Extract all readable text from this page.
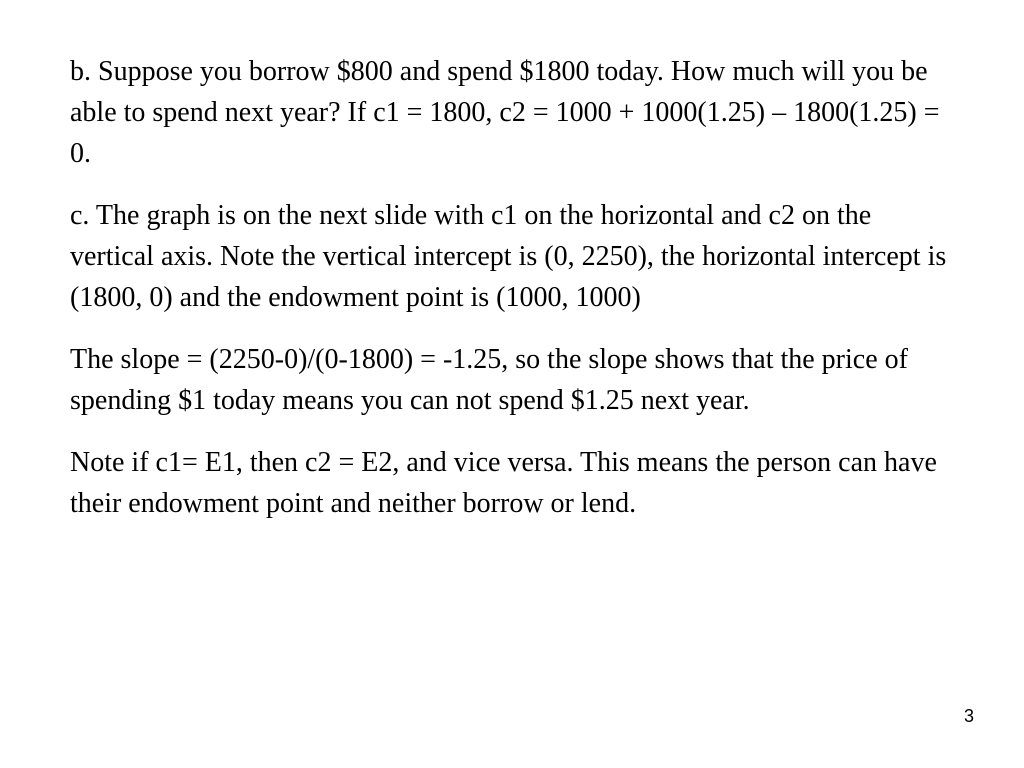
b. Suppose you borrow $800 and spend $1800 today. How much will you be able to spend next year? If c1 = 1800, c2 = 1000 + 1000(1.25) – 1800(1.25) = 0.

c. The graph is on the next slide with c1 on the horizontal and c2 on the vertical axis. Note the vertical intercept is (0, 2250), the horizontal intercept is (1800, 0) and the endowment point is (1000, 1000)

The slope = (2250-0)/(0-1800) = -1.25, so the slope shows that the price of spending $1 today means you can not spend $1.25 next year.

Note if c1= E1, then c2 = E2, and vice versa. This means the person can have their endowment point and neither borrow or lend.

3
